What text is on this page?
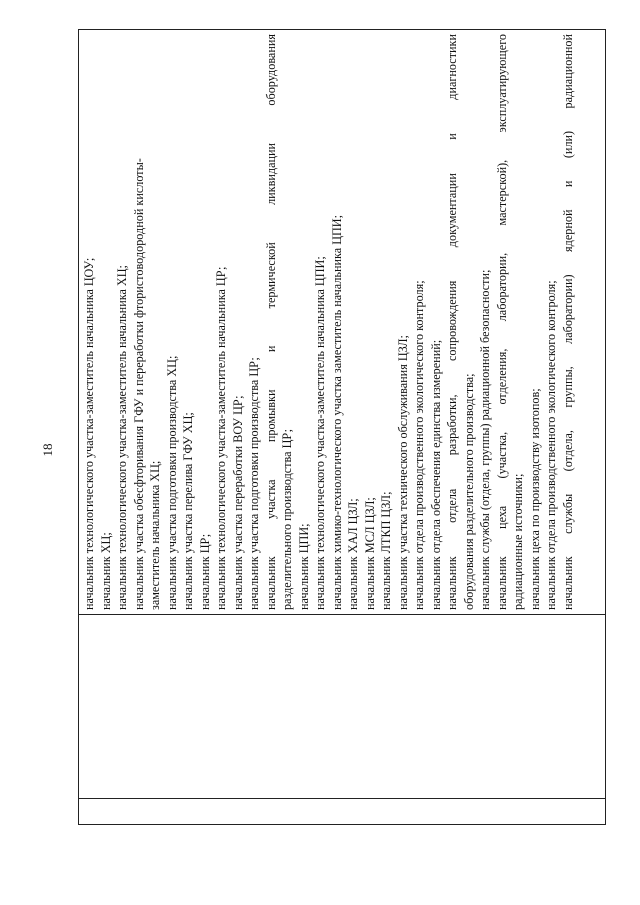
18
		начальник технологического участка-заместитель начальника ЦОУ; начальник ХЦ; начальник технологического участка-заместитель начальника ХЦ; начальник участка обесфторивания ГФУ и переработки фтористоводородной кислоты- заместитель начальника ХЦ; начальник участка подготовки производства ХЦ; начальник участка перелива ГФУ ХЦ; начальник ЦР; начальник технологического участка-заместитель начальника ЦР; начальник участка переработки ВОУ ЦР; начальник участка подготовки производства ЦР; начальник участка промывки и термической ликвидации оборудования разделительного производства ЦР; начальник ЦПИ; начальник технологического участка-заместитель начальника ЦПИ; начальник химико-технологического участка заместитель начальника ЦПИ; начальник ХАЛ ЦЗЛ; начальник МСЛ ЦЗЛ; начальник ЛТКП ЦЗЛ; начальник участка технического обслуживания ЦЗЛ; начальник отдела производственного экологического контроля; начальник отдела обеспечения единства измерений; начальник отдела разработки, сопровождения документации и диагностики оборудования разделительного производства; начальник службы (отдела, группы) радиационной безопасности; начальник цеха (участка, отделения, лаборатории, мастерской), эксплуатирующего радиационные источники; начальник цеха по производству изотопов; начальник отдела производственного экологического контроля; начальник службы (отдела, группы, лаборатории) ядерной и (или) радиационной
